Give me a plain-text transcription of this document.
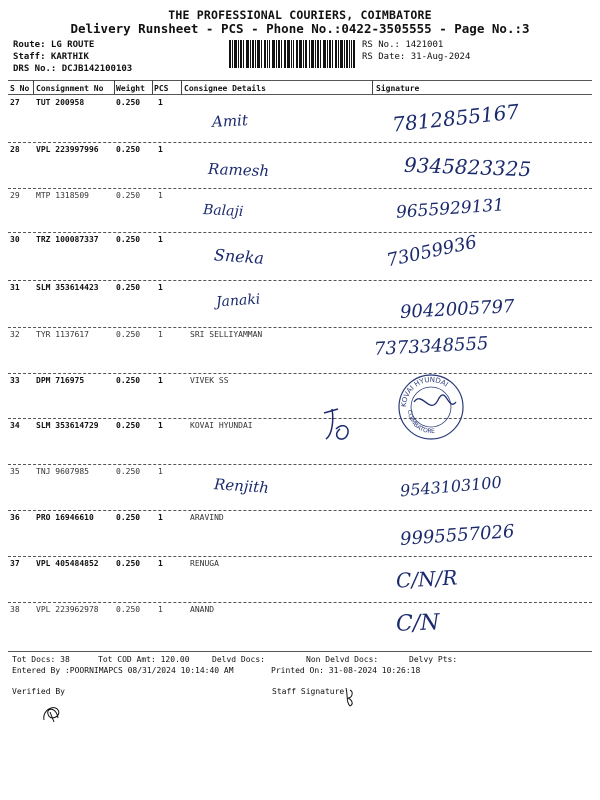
THE PROFESSIONAL COURIERS, COIMBATORE
Delivery Runsheet - PCS - Phone No.:0422-3505555 - Page No.:3
Route: LG ROUTE
Staff: KARTHIK
DRS No.: DCJB142100103
RS No.: 1421001
RS Date: 31-Aug-2024
S No Consignment No Weight PCS Consignee Details	Signature
27 TUT 200958	0.250 1
Amit	7812855167
28 VPL 223997996 0.250 1
Ramesh	9345823325
29 MTP 1318509	0.250 1
Balaji	9655929131
30 TRZ 100087337 0.250 1
Sneka	73059936
31 SLM 353614423 0.250 1
Janaki	9042005797
32 TYR 1137617	0.250 1	SRI SELLIYAMMAN	7373348555
33 DPM 716975	0.250 1	VIVEK SS
34 SLM 353614729 0.250 1	KOVAI HYUNDAI
35 TNJ 9607985	0.250 1
Renjith	9543103100
36 PRO 16946610	0.250 1	ARAVIND
9995557026
37 VPL 405484852 0.250 1	RENUGA
C/N/R
38 VPL 223962978 0.250 1	ANAND
C/N
KOVAI HYUNDAI
COIMBATORE
Tot Docs: 38	Tot COD Amt: 120.00	Delvd Docs:	Non Delvd Docs:	Delvy Pts:
Entered By :POORNIMAPCS 08/31/2024 10:14:40 AM	Printed On: 31-08-2024 10:26:18
Verified By	Staff Signature
